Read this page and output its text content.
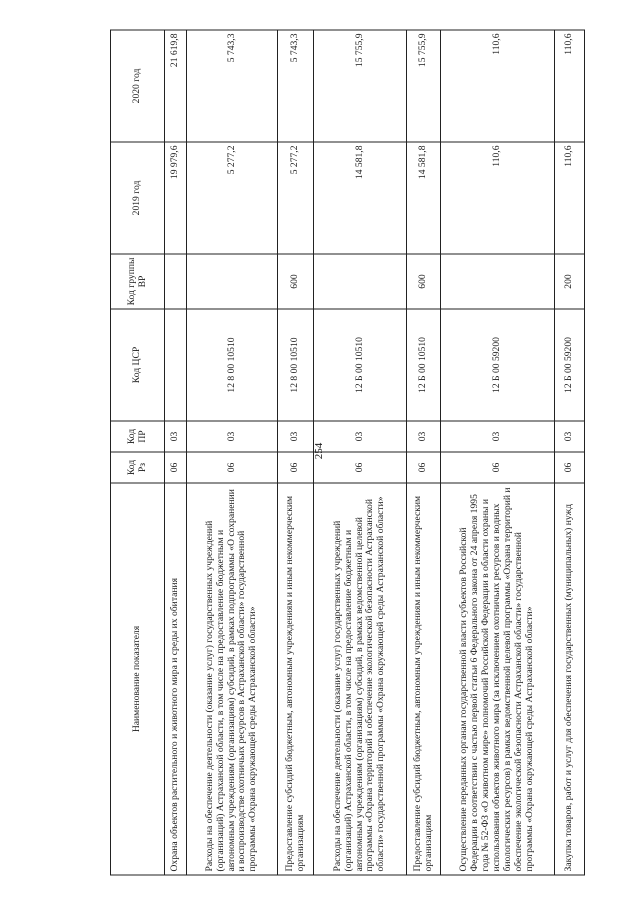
254
Наименование показателя	Код Рз	Код ПР	Код ЦСР	Код группы ВР	2019 год	2020 год
Охрана объектов растительного и животного мира и среды их обитания	06	03			19 979,6	21 619,8
Расходы на обеспечение деятельности (оказание услуг) государственных учреждений (организаций) Астраханской области, в том числе на предоставление бюджетным и автономным учреждениям (организациям) субсидий, в рамках подпрограммы «О сохранении и воспроизводстве охотничьих ресурсов в Астраханской области» государственной программы «Охрана окружающей среды Астраханской области»	06	03	12 8 00 10510		5 277,2	5 743,3
Предоставление субсидий бюджетным, автономным учреждениям и иным некоммерческим организациям	06	03	12 8 00 10510	600	5 277,2	5 743,3
Расходы на обеспечение деятельности (оказание услуг) государственных учреждений (организаций) Астраханской области, в том числе на предоставление бюджетным и автономным учреждениям (организациям) субсидий, в рамках ведомственной целевой программы «Охрана территорий и обеспечение экологической безопасности Астраханской области» государственной программы «Охрана окружающей среды Астраханской области»	06	03	12 Б 00 10510		14 581,8	15 755,9
Предоставление субсидий бюджетным, автономным учреждениям и иным некоммерческим организациям	06	03	12 Б 00 10510	600	14 581,8	15 755,9
Осуществление переданных органам государственной власти субъектов Российской Федерации в соответствии с частью первой статьи 6 Федерального закона от 24 апреля 1995 года № 52-ФЗ «О животном мире» полномочий Российской Федерации в области охраны и использования объектов животного мира (за исключением охотничьих ресурсов и водных биологических ресурсов) в рамках ведомственной целевой программы «Охрана территорий и обеспечение экологической безопасности Астраханской области» государственной программы «Охрана окружающей среды Астраханской области»	06	03	12 Б 00 59200		110,6	110,6
Закупка товаров, работ и услуг для обеспечения государственных (муниципальных) нужд	06	03	12 Б 00 59200	200	110,6	110,6
